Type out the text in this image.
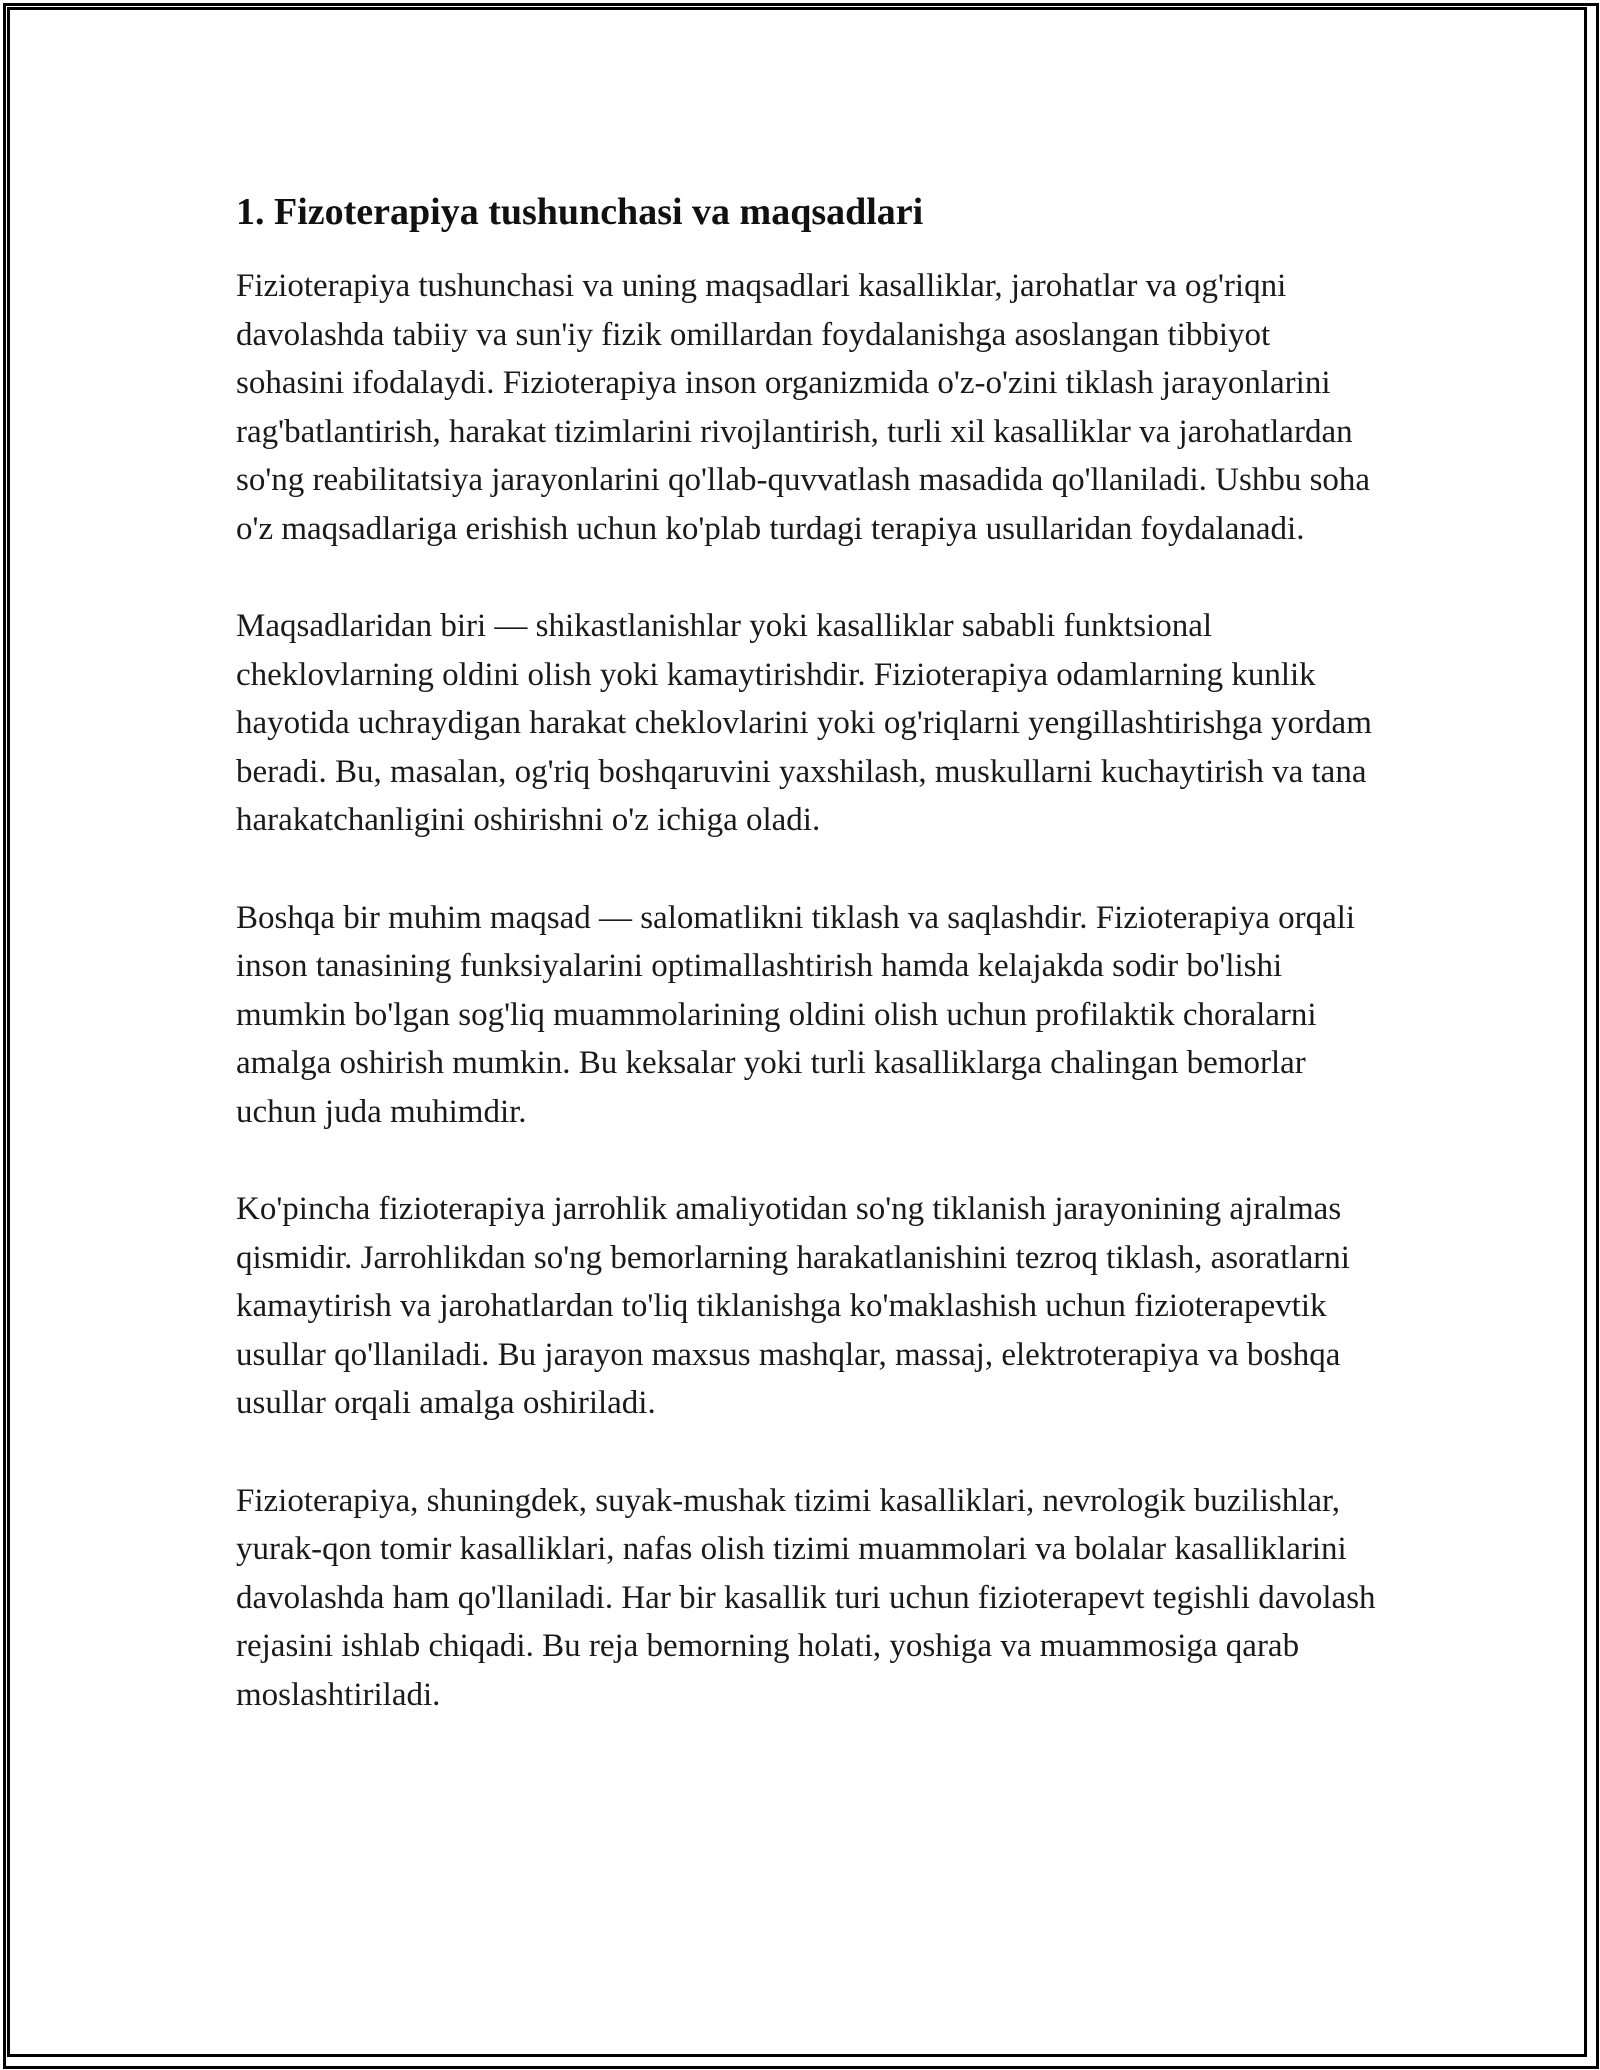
1. Fizoterapiya tushunchasi va maqsadlari

Fizioterapiya tushunchasi va uning maqsadlari kasalliklar, jarohatlar va og'riqni davolashda tabiiy va sun'iy fizik omillardan foydalanishga asoslangan tibbiyot sohasini ifodalaydi. Fizioterapiya inson organizmida o'z-o'zini tiklash jarayonlarini rag'batlantirish, harakat tizimlarini rivojlantirish, turli xil kasalliklar va jarohatlardan so'ng reabilitatsiya jarayonlarini qo'llab-quvvatlash masadida qo'llaniladi. Ushbu soha o'z maqsadlariga erishish uchun ko'plab turdagi terapiya usullaridan foydalanadi.

Maqsadlaridan biri — shikastlanishlar yoki kasalliklar sababli funktsional cheklovlarning oldini olish yoki kamaytirishdir. Fizioterapiya odamlarning kunlik hayotida uchraydigan harakat cheklovlarini yoki og'riqlarni yengillashtirishga yordam beradi. Bu, masalan, og'riq boshqaruvini yaxshilash, muskullarni kuchaytirish va tana harakatchanligini oshirishni o'z ichiga oladi.

Boshqa bir muhim maqsad — salomatlikni tiklash va saqlashdir. Fizioterapiya orqali inson tanasining funksiyalarini optimallashtirish hamda kelajakda sodir bo'lishi mumkin bo'lgan sog'liq muammolarining oldini olish uchun profilaktik choralarni amalga oshirish mumkin. Bu keksalar yoki turli kasalliklarga chalingan bemorlar uchun juda muhimdir.

Ko'pincha fizioterapiya jarrohlik amaliyotidan so'ng tiklanish jarayonining ajralmas qismidir. Jarrohlikdan so'ng bemorlarning harakatlanishini tezroq tiklash, asoratlarni kamaytirish va jarohatlardan to'liq tiklanishga ko'maklashish uchun fizioterapevtik usullar qo'llaniladi. Bu jarayon maxsus mashqlar, massaj, elektroterapiya va boshqa usullar orqali amalga oshiriladi.

Fizioterapiya, shuningdek, suyak-mushak tizimi kasalliklari, nevrologik buzilishlar, yurak-qon tomir kasalliklari, nafas olish tizimi muammolari va bolalar kasalliklarini davolashda ham qo'llaniladi. Har bir kasallik turi uchun fizioterapevt tegishli davolash rejasini ishlab chiqadi. Bu reja bemorning holati, yoshiga va muammosiga qarab moslashtiriladi.
